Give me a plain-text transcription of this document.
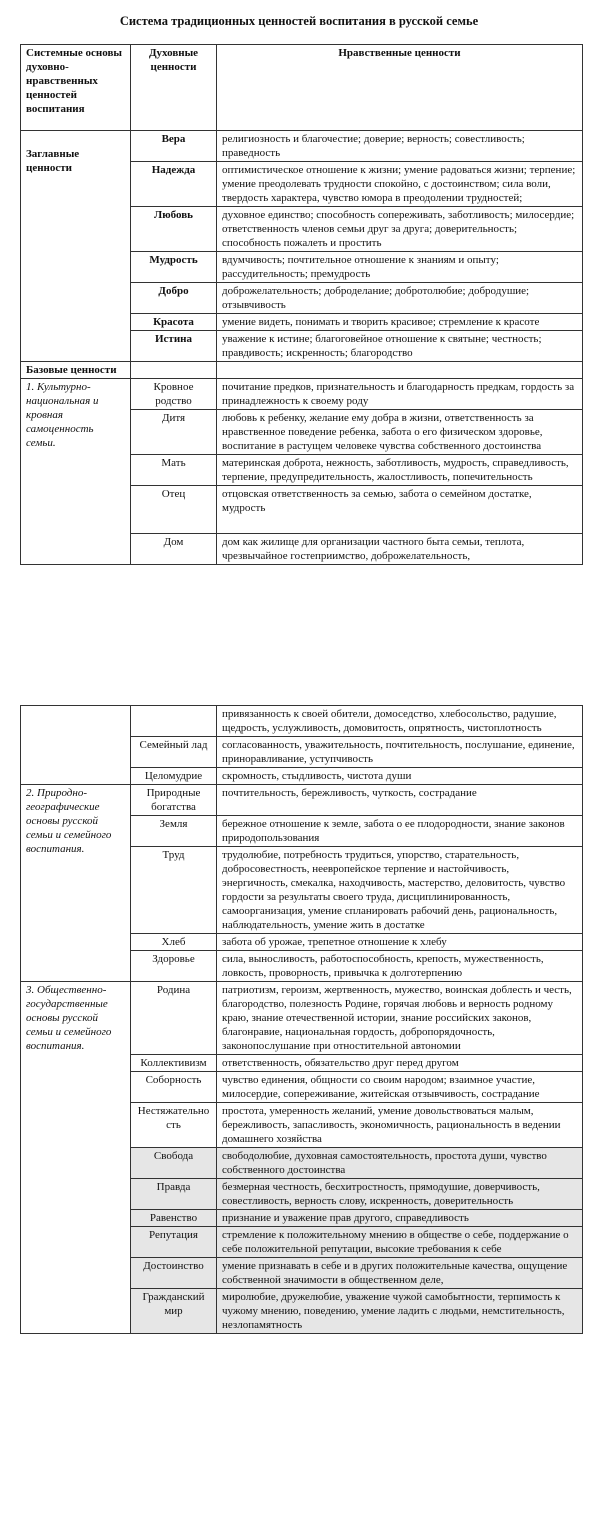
Система традиционных ценностей воспитания в русской семье
Системные основы духовно-нравственных ценностей воспитания	Духовные ценности	Нравственные ценности
Заглавные ценности	Вера	религиозность и благочестие; доверие; верность; совестливость; праведность
	Надежда	оптимистическое отношение к жизни; умение радоваться жизни; терпение; умение преодолевать трудности спокойно, с достоинством; сила воли, твердость характера, чувство юмора в преодолении трудностей;
	Любовь	духовное единство; способность сопереживать, заботливость; милосердие; ответственность членов семьи друг за друга; доверительность; способность пожалеть и простить
	Мудрость	вдумчивость; почтительное отношение к знаниям и опыту; рассудительность; премудрость
	Добро	доброжелательность; доброделание; добротолюбие; добродушие; отзывчивость
	Красота	умение видеть, понимать и творить красивое; стремление к красоте
	Истина	уважение к истине; благоговейное отношение к святыне; честность; правдивость; искренность; благородство
Базовые ценности		
1. Культурно-национальная и кровная самоценность семьи.	Кровное родство	почитание предков, признательность и благодарность предкам, гордость за принадлежность к своему роду
	Дитя	любовь к ребенку, желание ему добра в жизни, ответственность за нравственное поведение ребенка, забота о его физическом здоровье, воспитание в растущем человеке чувства собственного достоинства
	Мать	материнская доброта, нежность, заботливость, мудрость, справедливость, терпение, предупредительность, жалостливость, попечительность
	Отец	отцовская ответственность за семью, забота о семейном достатке, мудрость
	Дом	дом как жилище для организации частного быта семьи, теплота, чрезвычайное гостеприимство, доброжелательность,
		привязанность к своей обители, домоседство, хлебосольство, радушие, щедрость, услужливость, домовитость, опрятность, чистоплотность
	Семейный лад	согласованность, уважительность, почтительность, послушание, единение, приноравливание, уступчивость
	Целомудрие	скромность, стыдливость, чистота души

2. Природно-географические основы русской семьи и семейного воспитания.	Природные богатства	почтительность, бережливость, чуткость, сострадание
	Земля	бережное отношение к земле, забота о ее плодородности, знание законов природопользования
	Труд	трудолюбие, потребность трудиться, упорство, старательность, добросовестность, неевропейское терпение и настойчивость, энергичность, смекалка, находчивость, мастерство, деловитость, чувство гордости за результаты своего труда, дисциплинированность, самоорганизация, умение спланировать рабочий день, рациональность, наблюдательность, умение жить в достатке
	Хлеб	забота об урожае, трепетное отношение к хлебу
	Здоровье	сила, выносливость, работоспособность, крепость, мужественность, ловкость, проворность, привычка к долготерпению
3. Общественно-государственные основы русской семьи и семейного воспитания.	Родина	патриотизм, героизм, жертвенность, мужество, воинская доблесть и честь, благородство, полезность Родине, горячая любовь и верность родному краю, знание отечественной истории, знание российских законов, благонравие, национальная гордость, добропорядочность, законопослушание при отностительной автономии
	Коллективизм	ответственность, обязательство друг перед другом
	Соборность	чувство единения, общности со своим народом; взаимное участие, милосердие, сопереживание, житейская отзывчивость, сострадание
	Нестяжательность	простота, умеренность желаний, умение довольствоваться малым, бережливость, запасливость, экономичность, рациональность в ведении домашнего хозяйства
	Свобода	свободолюбие, духовная самостоятельность, простота души, чувство собственного достоинства
	Правда	безмерная честность, бесхитростность, прямодушие, доверчивость, совестливость, верность слову, искренность, доверительность
	Равенство	признание и уважение прав другого, справедливость
	Репутация	стремление к положительному мнению в обществе о себе, поддержание о себе положительной репутации, высокие требования к себе
	Достоинство	умение признавать в себе и в других положительные качества, ощущение собственной значимости в общественном деле,
	Гражданский мир	миролюбие, дружелюбие, уважение чужой самобытности, терпимость к чужому мнению, поведению, умение ладить с людьми, немстительность, незлопамятность
